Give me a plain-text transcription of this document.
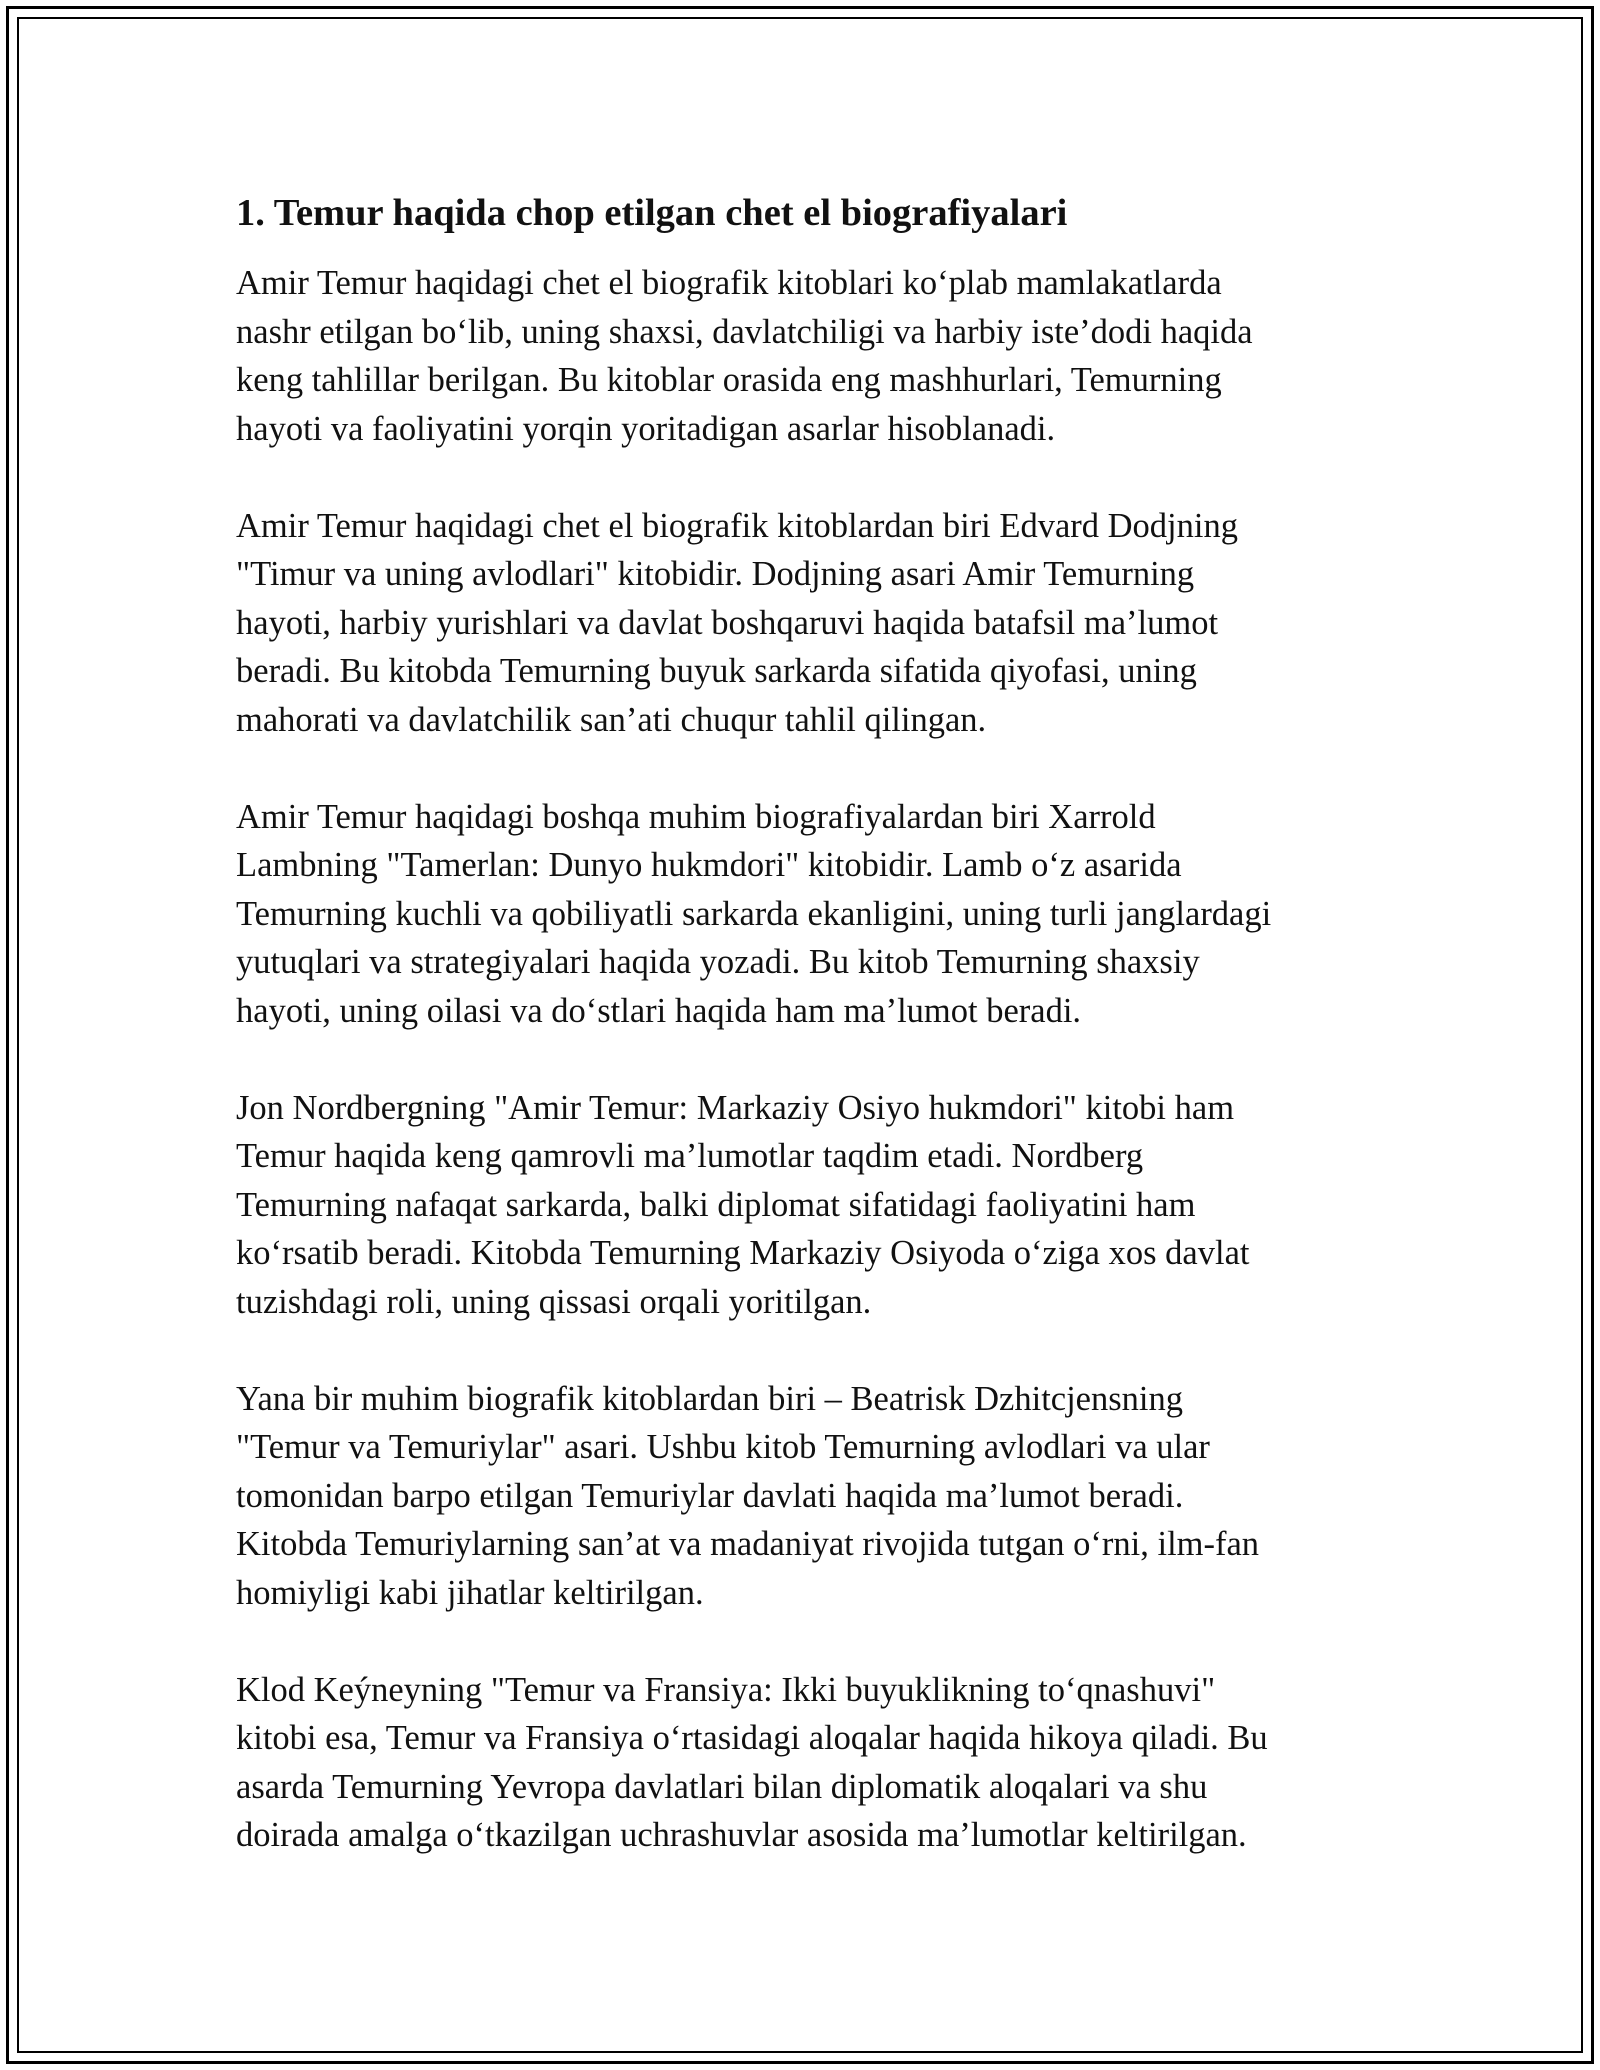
1. Temur haqida chop etilgan chet el biografiyalari

Amir Temur haqidagi chet el biografik kitoblari ko‘plab mamlakatlarda
nashr etilgan bo‘lib, uning shaxsi, davlatchiligi va harbiy iste’dodi haqida
keng tahlillar berilgan. Bu kitoblar orasida eng mashhurlari, Temurning
hayoti va faoliyatini yorqin yoritadigan asarlar hisoblanadi.

Amir Temur haqidagi chet el biografik kitoblardan biri Edvard Dodjning
"Timur va uning avlodlari" kitobidir. Dodjning asari Amir Temurning
hayoti, harbiy yurishlari va davlat boshqaruvi haqida batafsil ma’lumot
beradi. Bu kitobda Temurning buyuk sarkarda sifatida qiyofasi, uning
mahorati va davlatchilik san’ati chuqur tahlil qilingan.

Amir Temur haqidagi boshqa muhim biografiyalardan biri Xarrold
Lambning "Tamerlan: Dunyo hukmdori" kitobidir. Lamb o‘z asarida
Temurning kuchli va qobiliyatli sarkarda ekanligini, uning turli janglardagi
yutuqlari va strategiyalari haqida yozadi. Bu kitob Temurning shaxsiy
hayoti, uning oilasi va do‘stlari haqida ham ma’lumot beradi.

Jon Nordbergning "Amir Temur: Markaziy Osiyo hukmdori" kitobi ham
Temur haqida keng qamrovli ma’lumotlar taqdim etadi. Nordberg
Temurning nafaqat sarkarda, balki diplomat sifatidagi faoliyatini ham
ko‘rsatib beradi. Kitobda Temurning Markaziy Osiyoda o‘ziga xos davlat
tuzishdagi roli, uning qissasi orqali yoritilgan.

Yana bir muhim biografik kitoblardan biri – Beatrisk Dzhitcjensning
"Temur va Temuriylar" asari. Ushbu kitob Temurning avlodlari va ular
tomonidan barpo etilgan Temuriylar davlati haqida ma’lumot beradi.
Kitobda Temuriylarning san’at va madaniyat rivojida tutgan o‘rni, ilm-fan
homiyligi kabi jihatlar keltirilgan.

Klod Keýneyning "Temur va Fransiya: Ikki buyuklikning to‘qnashuvi"
kitobi esa, Temur va Fransiya o‘rtasidagi aloqalar haqida hikoya qiladi. Bu
asarda Temurning Yevropa davlatlari bilan diplomatik aloqalari va shu
doirada amalga o‘tkazilgan uchrashuvlar asosida ma’lumotlar keltirilgan.
